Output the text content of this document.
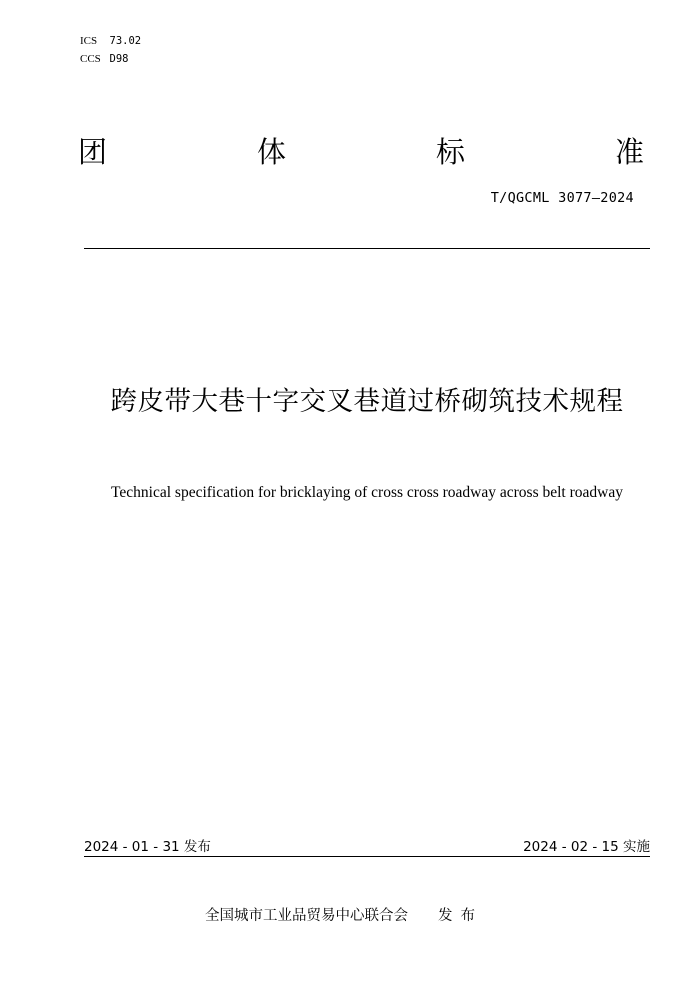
ICS 73.02
CCS D98
团	体	标	准
T/QGCML 3077—2024
跨皮带大巷十字交叉巷道过桥砌筑技术规程
Technical specification for bricklaying of cross cross roadway across belt roadway
2024 - 01 - 31 发布	2024 - 02 - 15 实施
全国城市工业品贸易中心联合会 发布
